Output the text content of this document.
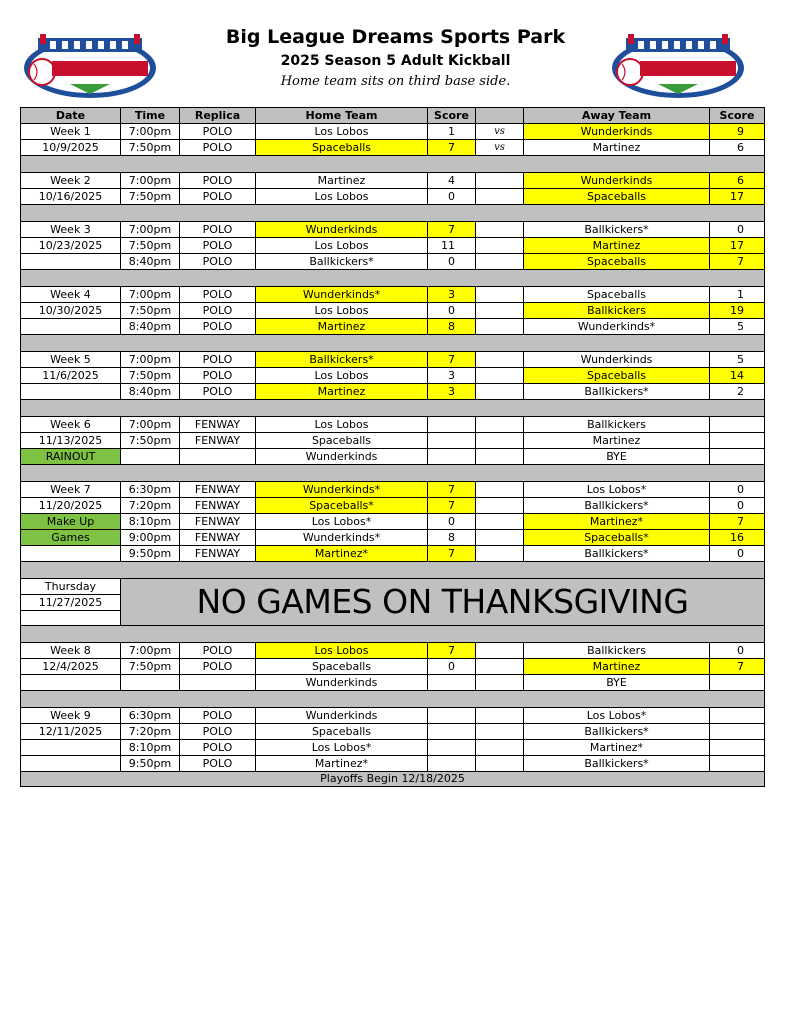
Big League Dreams Sports Park
2025 Season 5 Adult Kickball
Home team sits on third base side.
Date	Time	Replica	Home Team	Score		Away Team	Score
Week 1	7:00pm	POLO	Los Lobos	1	vs	Wunderkinds	9
10/9/2025	7:50pm	POLO	Spaceballs	7	vs	Martinez	6

Week 2	7:00pm	POLO	Martinez	4		Wunderkinds	6
10/16/2025	7:50pm	POLO	Los Lobos	0		Spaceballs	17

Week 3	7:00pm	POLO	Wunderkinds	7		Ballkickers*	0
10/23/2025	7:50pm	POLO	Los Lobos	11		Martinez	17
	8:40pm	POLO	Ballkickers*	0		Spaceballs	7

Week 4	7:00pm	POLO	Wunderkinds*	3		Spaceballs	1
10/30/2025	7:50pm	POLO	Los Lobos	0		Ballkickers	19
	8:40pm	POLO	Martinez	8		Wunderkinds*	5

Week 5	7:00pm	POLO	Ballkickers*	7		Wunderkinds	5
11/6/2025	7:50pm	POLO	Los Lobos	3		Spaceballs	14
	8:40pm	POLO	Martinez	3		Ballkickers*	2

Week 6	7:00pm	FENWAY	Los Lobos			Ballkickers	
11/13/2025	7:50pm	FENWAY	Spaceballs			Martinez	
RAINOUT			Wunderkinds			BYE	

Week 7	6:30pm	FENWAY	Wunderkinds*	7		Los Lobos*	0
11/20/2025	7:20pm	FENWAY	Spaceballs*	7		Ballkickers*	0
Make Up	8:10pm	FENWAY	Los Lobos*	0		Martinez*	7
Games	9:00pm	FENWAY	Wunderkinds*	8		Spaceballs*	16
	9:50pm	FENWAY	Martinez*	7		Ballkickers*	0

Thursday
11/27/2025	NO GAMES ON THANKSGIVING						

Week 8	7:00pm	POLO	Los Lobos	7		Ballkickers	0
12/4/2025	7:50pm	POLO	Spaceballs	0		Martinez	7
			Wunderkinds			BYE	

Week 9	6:30pm	POLO	Wunderkinds			Los Lobos*	
12/11/2025	7:20pm	POLO	Spaceballs			Ballkickers*	
	8:10pm	POLO	Los Lobos*			Martinez*	
	9:50pm	POLO	Martinez*			Ballkickers*	
Playoffs Begin 12/18/2025							
